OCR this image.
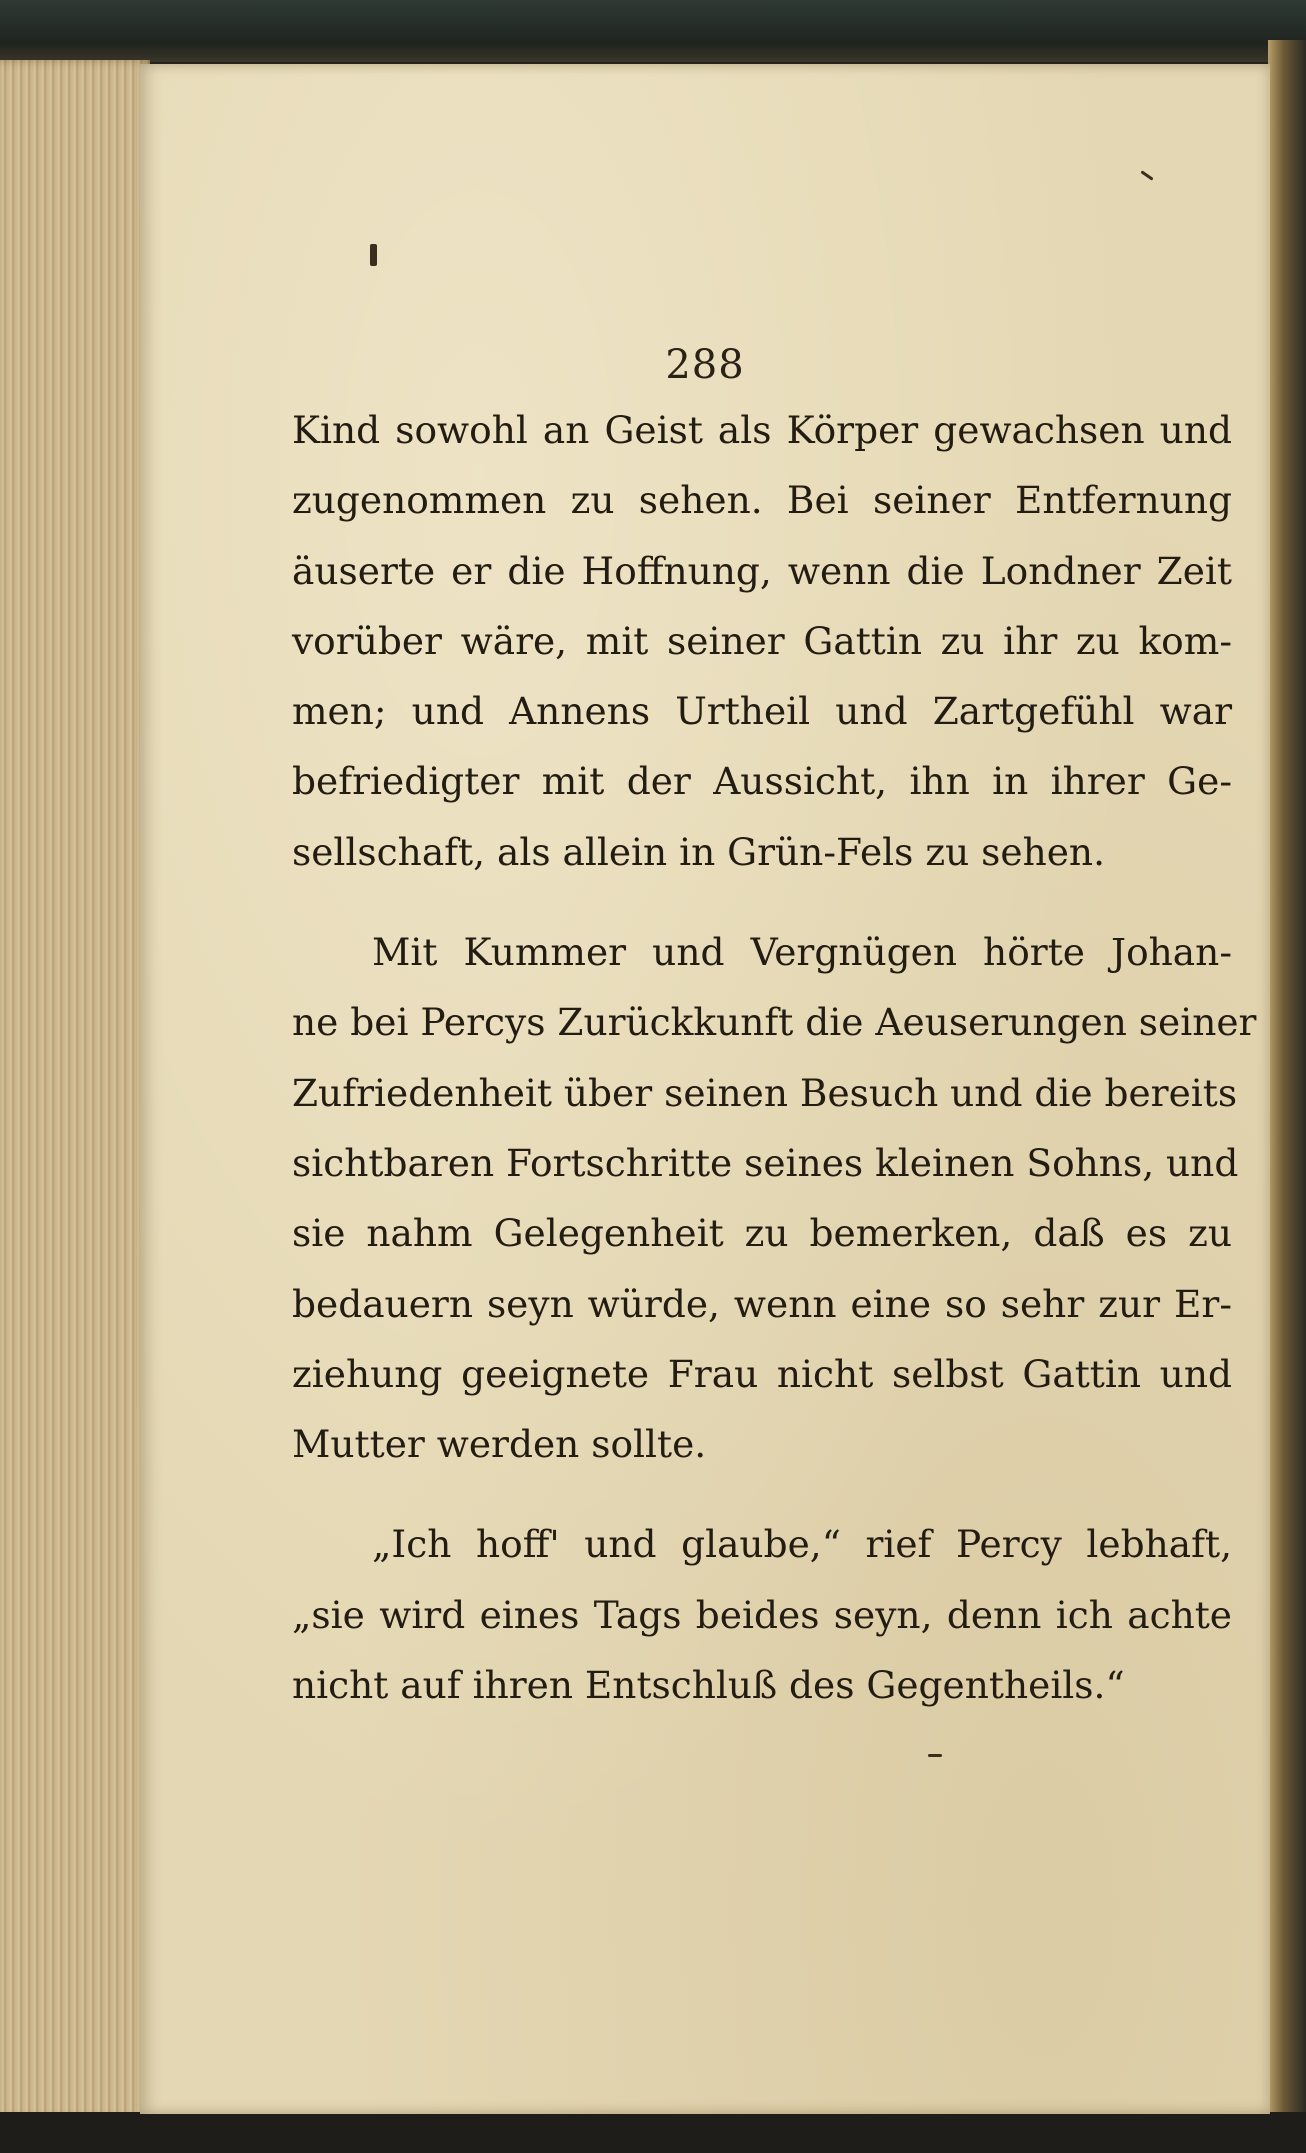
288
Kind sowohl an Geist als Körper gewachsen und
zugenommen zu sehen. Bei seiner Entfernung
äuserte er die Hoffnung, wenn die Londner Zeit
vorüber wäre, mit seiner Gattin zu ihr zu kom-
men; und Annens Urtheil und Zartgefühl war
befriedigter mit der Aussicht, ihn in ihrer Ge-
sellschaft, als allein in Grün-Fels zu sehen.
Mit Kummer und Vergnügen hörte Johan-
ne bei Percys Zurückkunft die Aeuserungen seiner
Zufriedenheit über seinen Besuch und die bereits
sichtbaren Fortschritte seines kleinen Sohns, und
sie nahm Gelegenheit zu bemerken, daß es zu
bedauern seyn würde, wenn eine so sehr zur Er-
ziehung geeignete Frau nicht selbst Gattin und
Mutter werden sollte.
„Ich hoff' und glaube,“ rief Percy lebhaft,
„sie wird eines Tags beides seyn, denn ich achte
nicht auf ihren Entschluß des Gegentheils.“
